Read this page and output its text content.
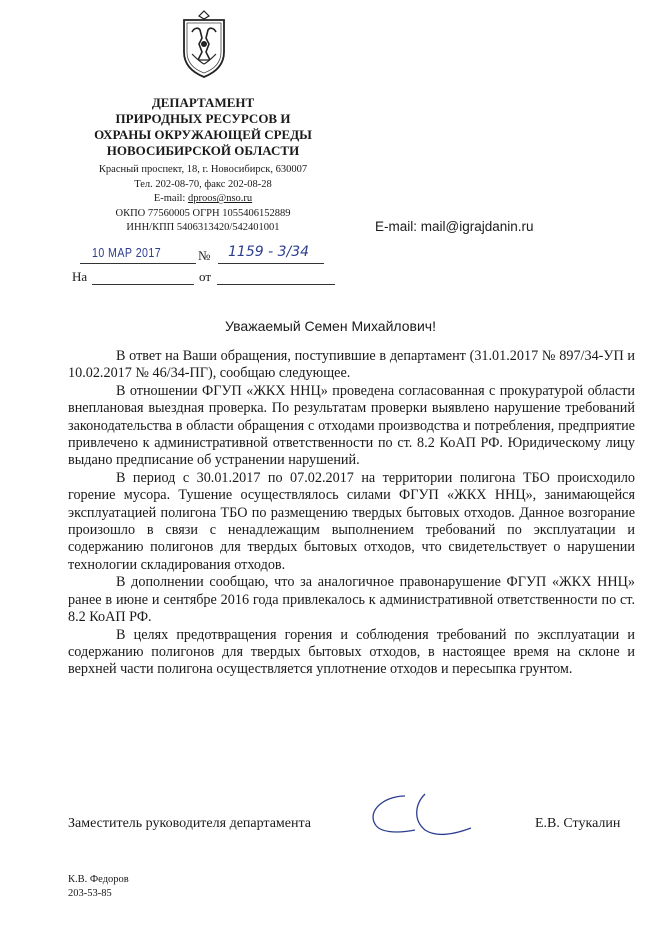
ДЕПАРТАМЕНТ
ПРИРОДНЫХ РЕСУРСОВ И
ОХРАНЫ ОКРУЖАЮЩЕЙ СРЕДЫ
НОВОСИБИРСКОЙ ОБЛАСТИ
Красный проспект, 18, г. Новосибирск, 630007
Тел. 202-08-70, факс 202-08-28
E-mail: dproos@nso.ru
ОКПО 77560005 ОГРН 1055406152889
ИНН/КПП 5406313420/542401001	E-mail: mail@igrajdanin.ru
10 МАР 2017	№ 1159 - 3/34
На	от
Уважаемый Семен Михайлович!

В ответ на Ваши обращения, поступившие в департамент (31.01.2017 № 897/34-УП и 10.02.2017 № 46/34-ПГ), сообщаю следующее.

В отношении ФГУП «ЖКХ ННЦ» проведена согласованная с прокуратурой области внеплановая выездная проверка. По результатам проверки выявлено нарушение требований законодательства в области обращения с отходами производства и потребления, предприятие привлечено к административной ответственности по ст. 8.2 КоАП РФ. Юридическому лицу выдано предписание об устранении нарушений.

В период с 30.01.2017 по 07.02.2017 на территории полигона ТБО происходило горение мусора. Тушение осуществлялось силами ФГУП «ЖКХ ННЦ», занимающейся эксплуатацией полигона ТБО по размещению твердых бытовых отходов. Данное возгорание произошло в связи с ненадлежащим выполнением требований по эксплуатации и содержанию полигонов для твердых бытовых отходов, что свидетельствует о нарушении технологии складирования отходов.

В дополнении сообщаю, что за аналогичное правонарушение ФГУП «ЖКХ ННЦ» ранее в июне и сентябре 2016 года привлекалось к административной ответственности по ст. 8.2 КоАП РФ.

В целях предотвращения горения и соблюдения требований по эксплуатации и содержанию полигонов для твердых бытовых отходов, в настоящее время на склоне и верхней части полигона осуществляется уплотнение отходов и пересыпка грунтом.

Заместитель руководителя департамента	Е.В. Стукалин
К.В. Федоров
203-53-85
